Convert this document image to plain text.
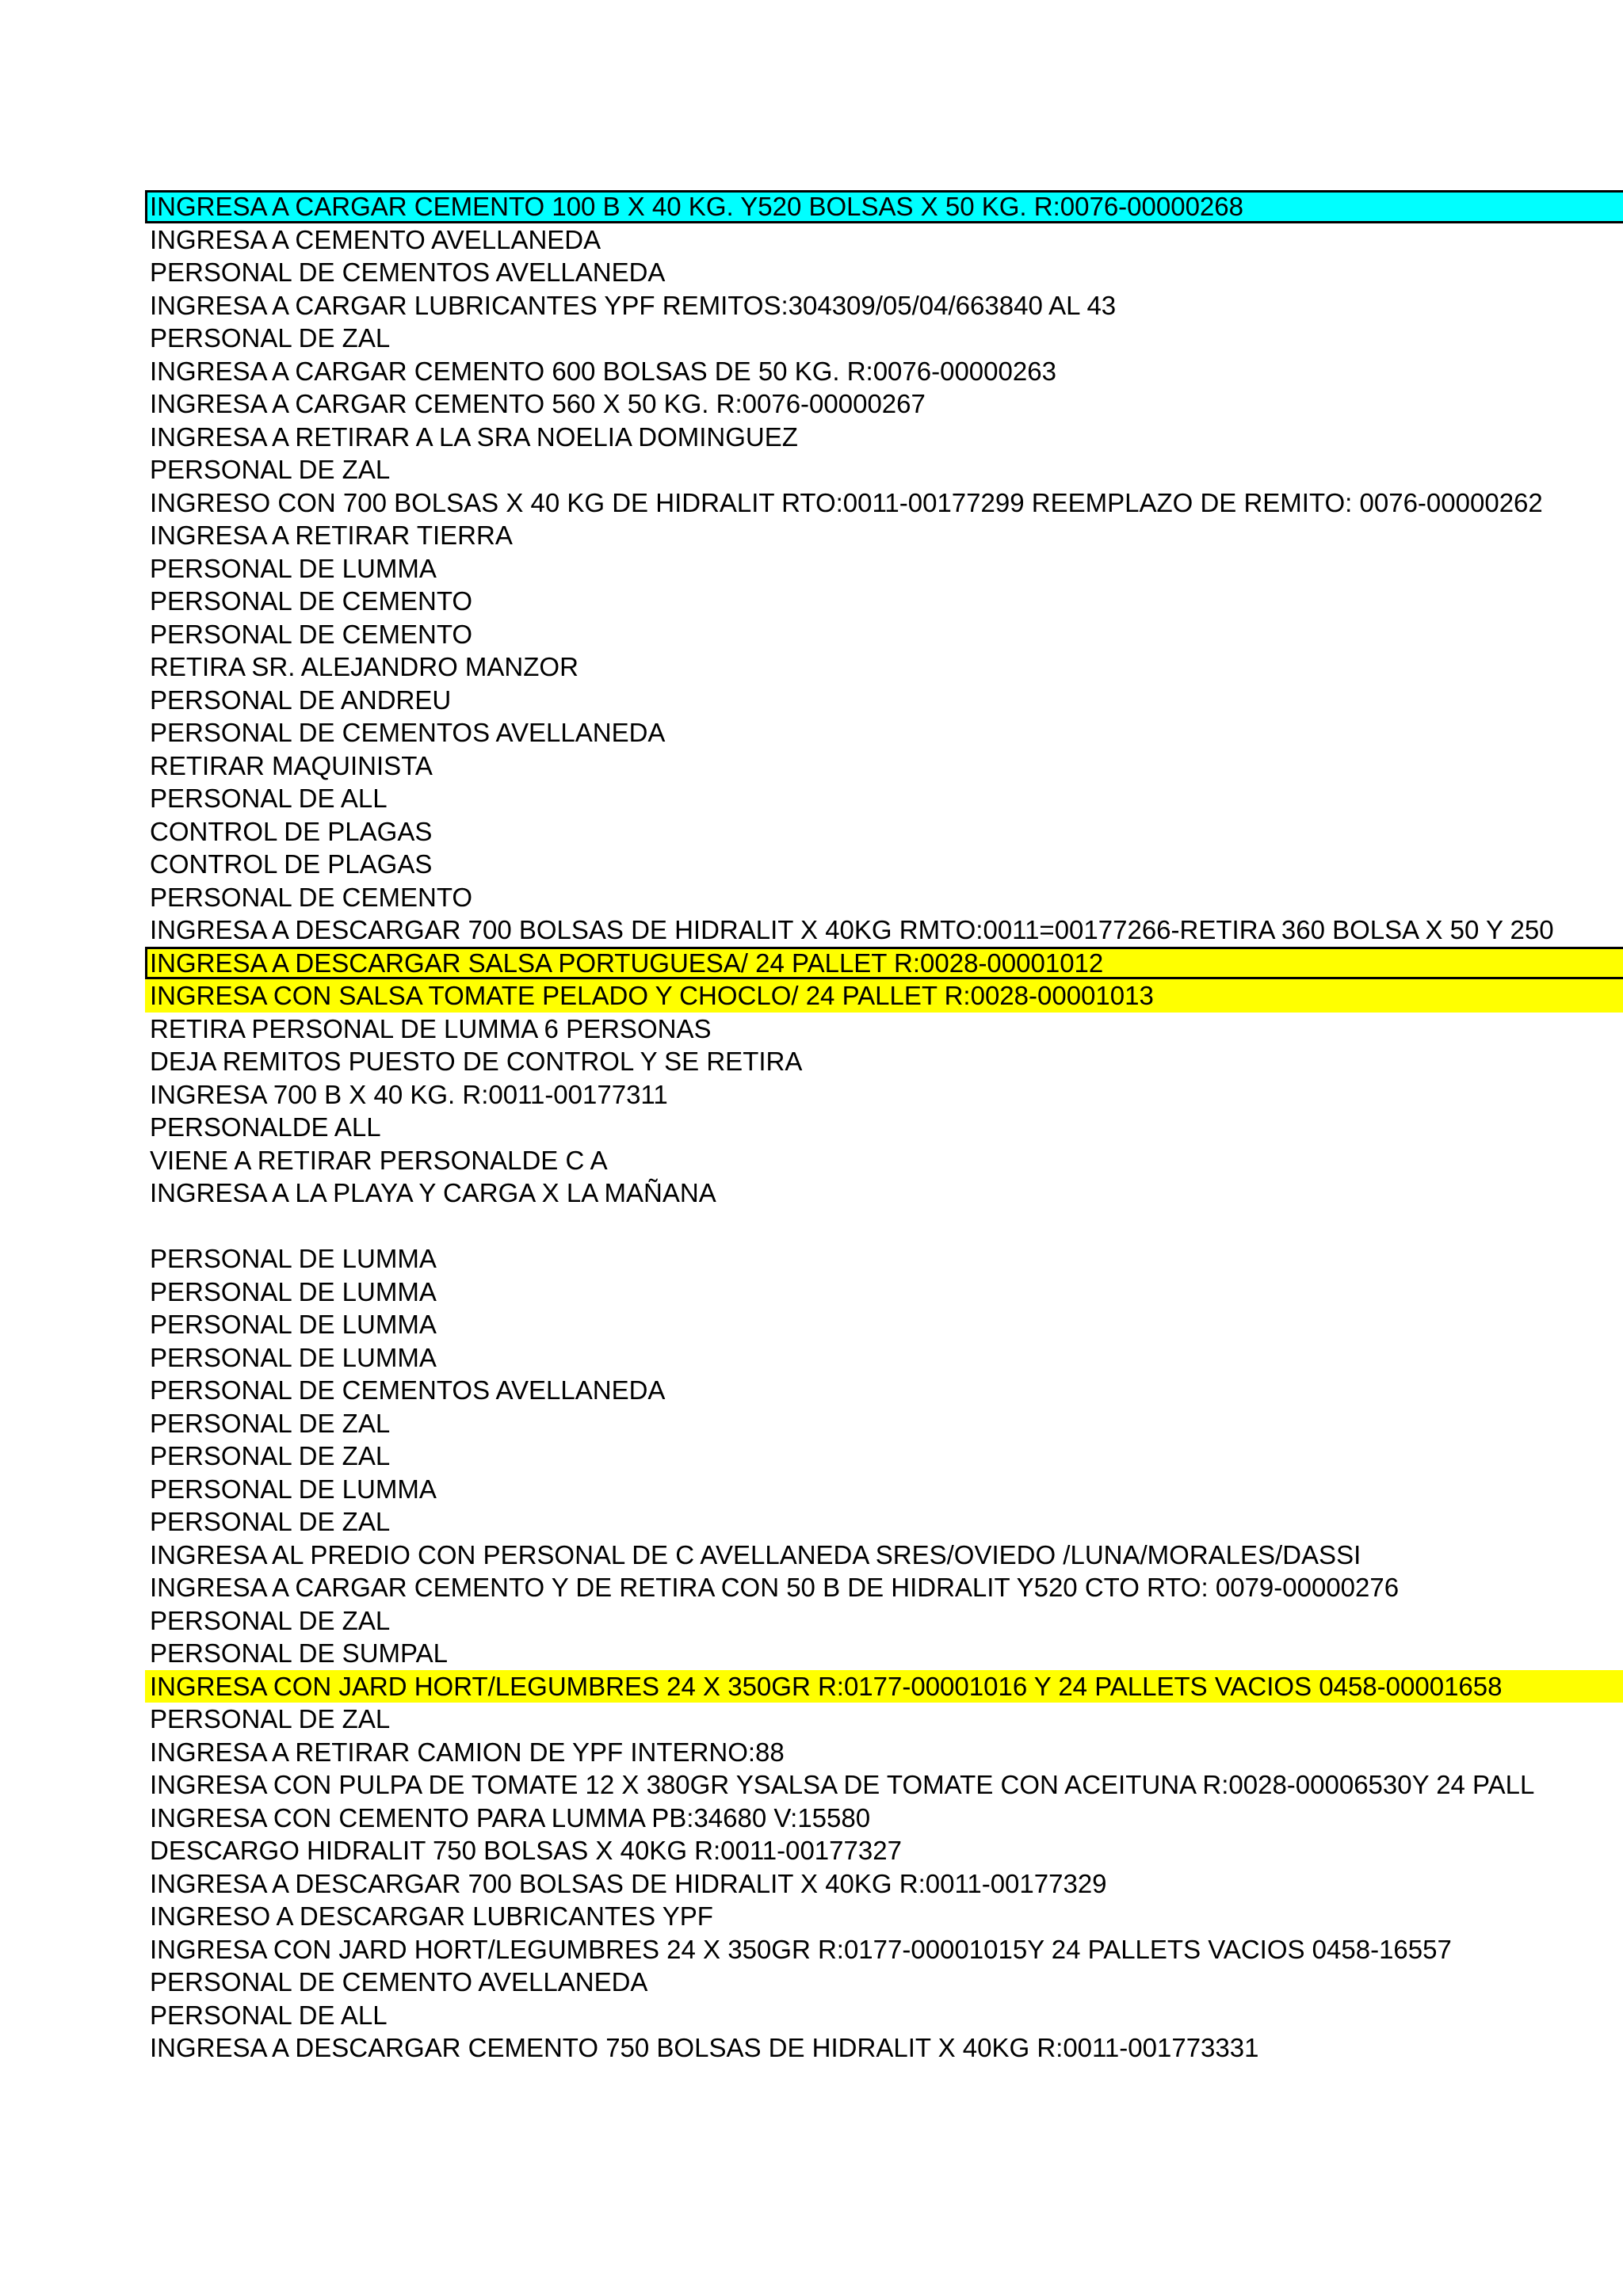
INGRESA A CARGAR CEMENTO 100 B X 40 KG. Y520 BOLSAS X 50 KG. R:0076-00000268
INGRESA A CEMENTO AVELLANEDA
PERSONAL DE CEMENTOS AVELLANEDA
INGRESA A CARGAR LUBRICANTES YPF REMITOS:304309/05/04/663840 AL 43
PERSONAL DE ZAL
INGRESA A CARGAR CEMENTO 600 BOLSAS DE 50 KG. R:0076-00000263
INGRESA A CARGAR CEMENTO 560 X 50 KG. R:0076-00000267
INGRESA A RETIRAR A LA SRA NOELIA DOMINGUEZ
PERSONAL DE ZAL
INGRESO CON 700 BOLSAS X 40 KG DE HIDRALIT RTO:0011-00177299 REEMPLAZO DE REMITO: 0076-00000262
INGRESA A RETIRAR TIERRA
PERSONAL DE LUMMA
PERSONAL DE CEMENTO
PERSONAL DE CEMENTO
RETIRA SR. ALEJANDRO MANZOR
PERSONAL DE ANDREU
PERSONAL DE CEMENTOS AVELLANEDA
RETIRAR MAQUINISTA
PERSONAL DE ALL
CONTROL DE PLAGAS
CONTROL DE PLAGAS
PERSONAL DE CEMENTO
INGRESA A DESCARGAR 700 BOLSAS DE HIDRALIT X 40KG RMTO:0011=00177266-RETIRA 360 BOLSA X 50 Y 250
INGRESA A DESCARGAR SALSA PORTUGUESA/ 24 PALLET R:0028-00001012
INGRESA CON SALSA TOMATE PELADO Y CHOCLO/ 24 PALLET R:0028-00001013
RETIRA PERSONAL DE LUMMA 6 PERSONAS
DEJA REMITOS PUESTO DE CONTROL Y SE RETIRA
INGRESA 700 B X 40 KG. R:0011-00177311
PERSONALDE ALL
VIENE A RETIRAR PERSONALDE C A
INGRESA A LA PLAYA Y CARGA X LA MAÑANA
PERSONAL DE LUMMA
PERSONAL DE LUMMA
PERSONAL DE LUMMA
PERSONAL DE LUMMA
PERSONAL DE CEMENTOS AVELLANEDA
PERSONAL DE ZAL
PERSONAL DE ZAL
PERSONAL DE LUMMA
PERSONAL DE ZAL
INGRESA AL PREDIO CON PERSONAL DE C AVELLANEDA SRES/OVIEDO /LUNA/MORALES/DASSI
INGRESA A CARGAR CEMENTO Y DE RETIRA CON 50 B DE HIDRALIT Y520 CTO RTO: 0079-00000276
PERSONAL DE ZAL
PERSONAL DE SUMPAL
INGRESA CON JARD HORT/LEGUMBRES 24 X 350GR R:0177-00001016 Y 24 PALLETS VACIOS 0458-00001658
PERSONAL DE ZAL
INGRESA A RETIRAR CAMION DE YPF INTERNO:88
INGRESA CON PULPA DE TOMATE 12 X 380GR YSALSA DE TOMATE CON ACEITUNA R:0028-00006530Y 24 PALL
INGRESA CON CEMENTO PARA LUMMA PB:34680 V:15580
DESCARGO HIDRALIT 750 BOLSAS X 40KG R:0011-00177327
INGRESA A DESCARGAR 700 BOLSAS DE HIDRALIT X 40KG R:0011-00177329
INGRESO A DESCARGAR LUBRICANTES YPF
INGRESA CON JARD HORT/LEGUMBRES 24 X 350GR R:0177-00001015Y 24 PALLETS VACIOS 0458-16557
PERSONAL DE CEMENTO AVELLANEDA
PERSONAL DE ALL
INGRESA A DESCARGAR CEMENTO 750 BOLSAS DE HIDRALIT X 40KG R:0011-001773331
